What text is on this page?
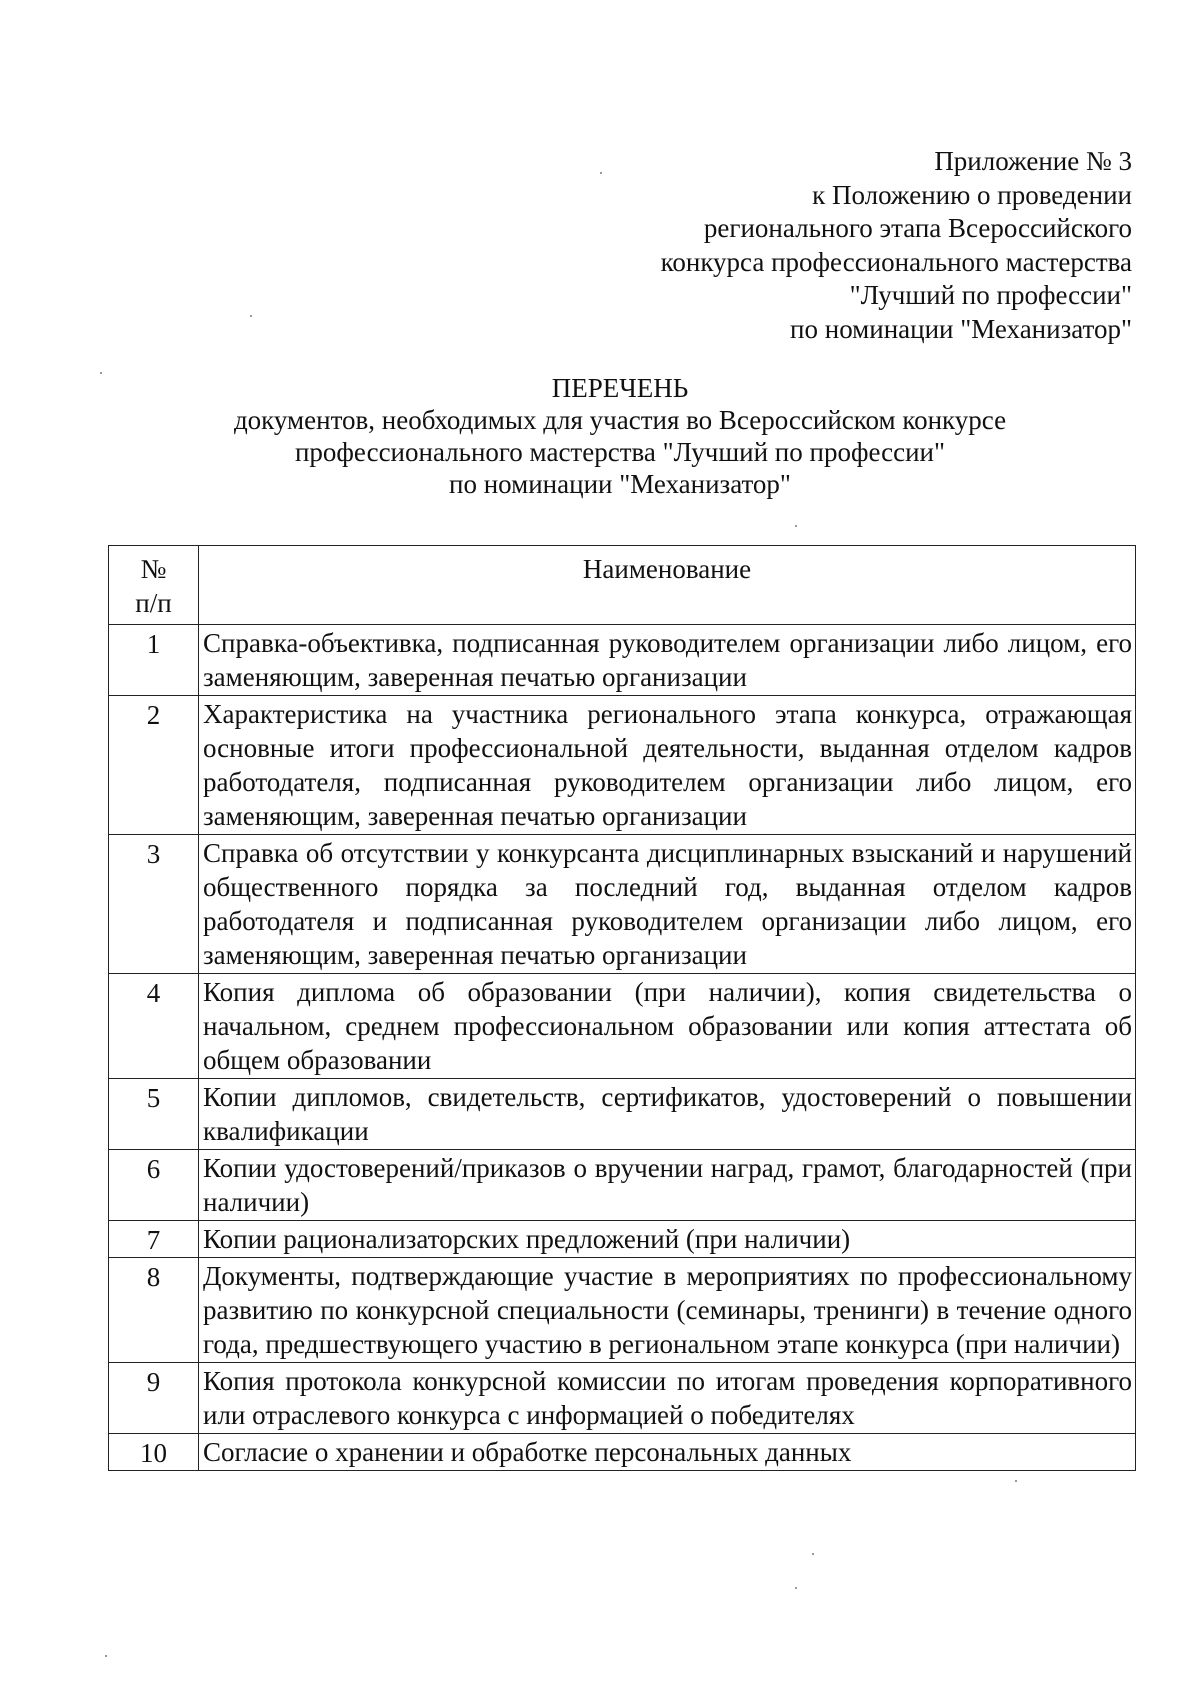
Приложение № 3
к Положению о проведении
регионального этапа Всероссийского
конкурса профессионального мастерства
"Лучший по профессии"
по номинации "Механизатор"
ПЕРЕЧЕНЬ
документов, необходимых для участия во Всероссийском конкурсе
профессионального мастерства "Лучший по профессии"
по номинации "Механизатор"
№
п/п	Наименование
1	Справка-объективка, подписанная руководителем организации либо лицом, его заменяющим, заверенная печатью организации
2	Характеристика на участника регионального этапа конкурса, отражающая основные итоги профессиональной деятельности, выданная отделом кадров работодателя, подписанная руководителем организации либо лицом, его заменяющим, заверенная печатью организации
3	Справка об отсутствии у конкурсанта дисциплинарных взысканий и нарушений общественного порядка за последний год, выданная отделом кадров работодателя и подписанная руководителем организации либо лицом, его заменяющим, заверенная печатью организации
4	Копия диплома об образовании (при наличии), копия свидетельства о начальном, среднем профессиональном образовании или копия аттестата об общем образовании
5	Копии дипломов, свидетельств, сертификатов, удостоверений о повышении квалификации
6	Копии удостоверений/приказов о вручении наград, грамот, благодарностей (при наличии)
7	Копии рационализаторских предложений (при наличии)
8	Документы, подтверждающие участие в мероприятиях по профессиональному развитию по конкурсной специальности (семинары, тренинги) в течение одного года, предшествующего участию в региональном этапе конкурса (при наличии)
9	Копия протокола конкурсной комиссии по итогам проведения корпоративного или отраслевого конкурса с информацией о победителях
10	Согласие о хранении и обработке персональных данных
